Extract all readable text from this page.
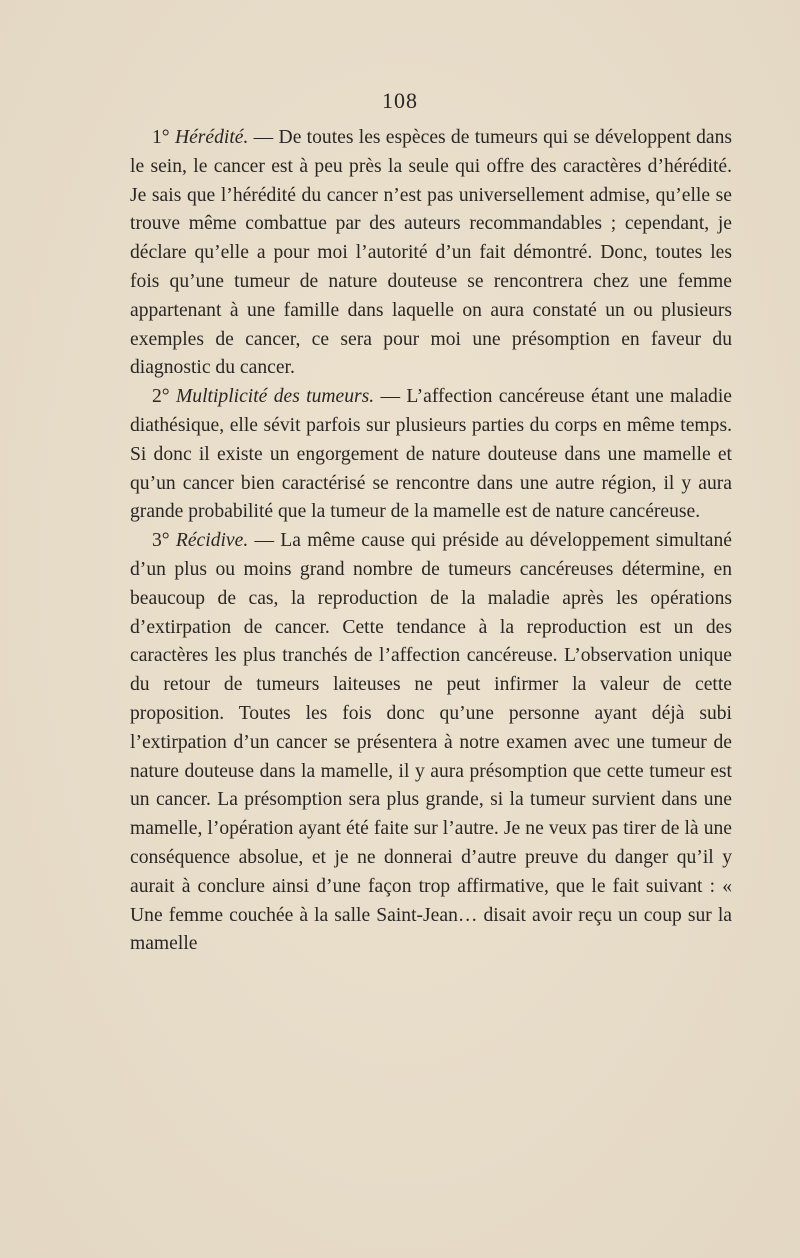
108

1° Hérédité. — De toutes les espèces de tumeurs qui se développent dans le sein, le cancer est à peu près la seule qui offre des caractères d’hérédité. Je sais que l’hérédité du cancer n’est pas universellement admise, qu’elle se trouve même combattue par des auteurs recommandables ; cependant, je déclare qu’elle a pour moi l’autorité d’un fait démontré. Donc, toutes les fois qu’une tumeur de nature douteuse se rencontrera chez une femme appartenant à une famille dans laquelle on aura constaté un ou plusieurs exemples de cancer, ce sera pour moi une présomption en faveur du diagnostic du cancer.

2° Multiplicité des tumeurs. — L’affection cancéreuse étant une maladie diathésique, elle sévit parfois sur plusieurs parties du corps en même temps. Si donc il existe un engorgement de nature douteuse dans une mamelle et qu’un cancer bien caractérisé se rencontre dans une autre région, il y aura grande probabilité que la tumeur de la mamelle est de nature cancéreuse.

3° Récidive. — La même cause qui préside au développement simultané d’un plus ou moins grand nombre de tumeurs cancéreuses détermine, en beaucoup de cas, la reproduction de la maladie après les opérations d’extirpation de cancer. Cette tendance à la reproduction est un des caractères les plus tranchés de l’affection cancéreuse. L’observation unique du retour de tumeurs laiteuses ne peut infirmer la valeur de cette proposition. Toutes les fois donc qu’une personne ayant déjà subi l’extirpation d’un cancer se présentera à notre examen avec une tumeur de nature douteuse dans la mamelle, il y aura présomption que cette tumeur est un cancer. La présomption sera plus grande, si la tumeur survient dans une mamelle, l’opération ayant été faite sur l’autre. Je ne veux pas tirer de là une conséquence absolue, et je ne donnerai d’autre preuve du danger qu’il y aurait à conclure ainsi d’une façon trop affirmative, que le fait suivant : « Une femme couchée à la salle Saint-Jean… disait avoir reçu un coup sur la mamelle
